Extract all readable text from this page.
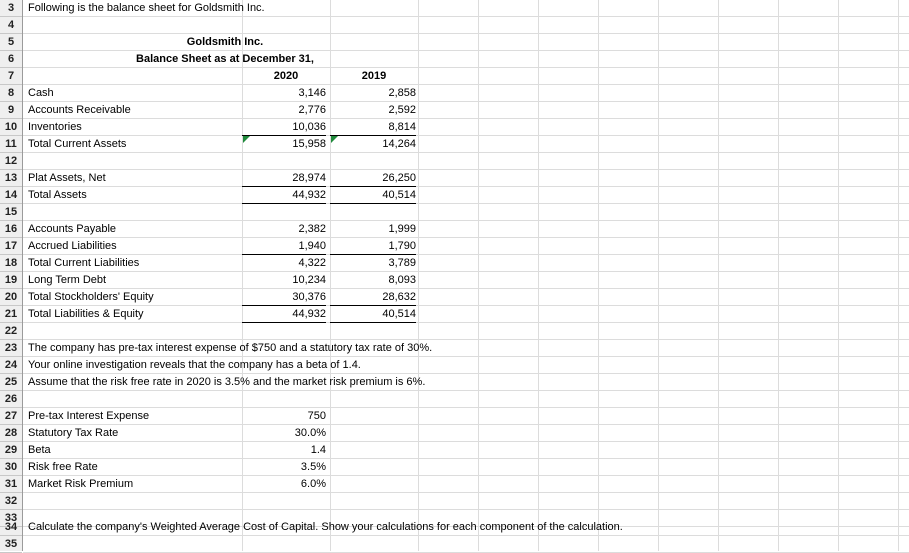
3	Following is the balance sheet for Goldsmith Inc.
4
5	Goldsmith Inc.
6	Balance Sheet as at December 31,
7	2020	2019
8	Cash	3,146	2,858
9	Accounts Receivable	2,776	2,592
10 Inventories	10,036	8,814
11	Total Current Assets	15,958	14,264
12
13 Plat Assets, Net	28,974	26,250
14 Total Assets	44,932	40,514
15
16 Accounts Payable	2,382	1,999
17 Accrued Liabilities	1,940	1,790
18 Total Current Liabilities	4,322	3,789
19 Long Term Debt	10,234	8,093
20 Total Stockholders' Equity	30,376	28,632
21 Total Liabilities & Equity	44,932	40,514
22
23 The company has pre-tax interest expense of $750 and a statutory tax rate of 30%.
24 Your online investigation reveals that the company has a beta of 1.4.
25 Assume that the risk free rate in 2020 is 3.5% and the market risk premium is 6%.
26
27 Pre-tax Interest Expense	750
28 Statutory Tax Rate	30.0%
29 Beta	1.4
30 Risk free Rate	3.5%
31 Market Risk Premium	6.0%
32
33
34 Calculate the company's Weighted Average Cost of Capital. Show your calculations for each component of the calculation.
35
